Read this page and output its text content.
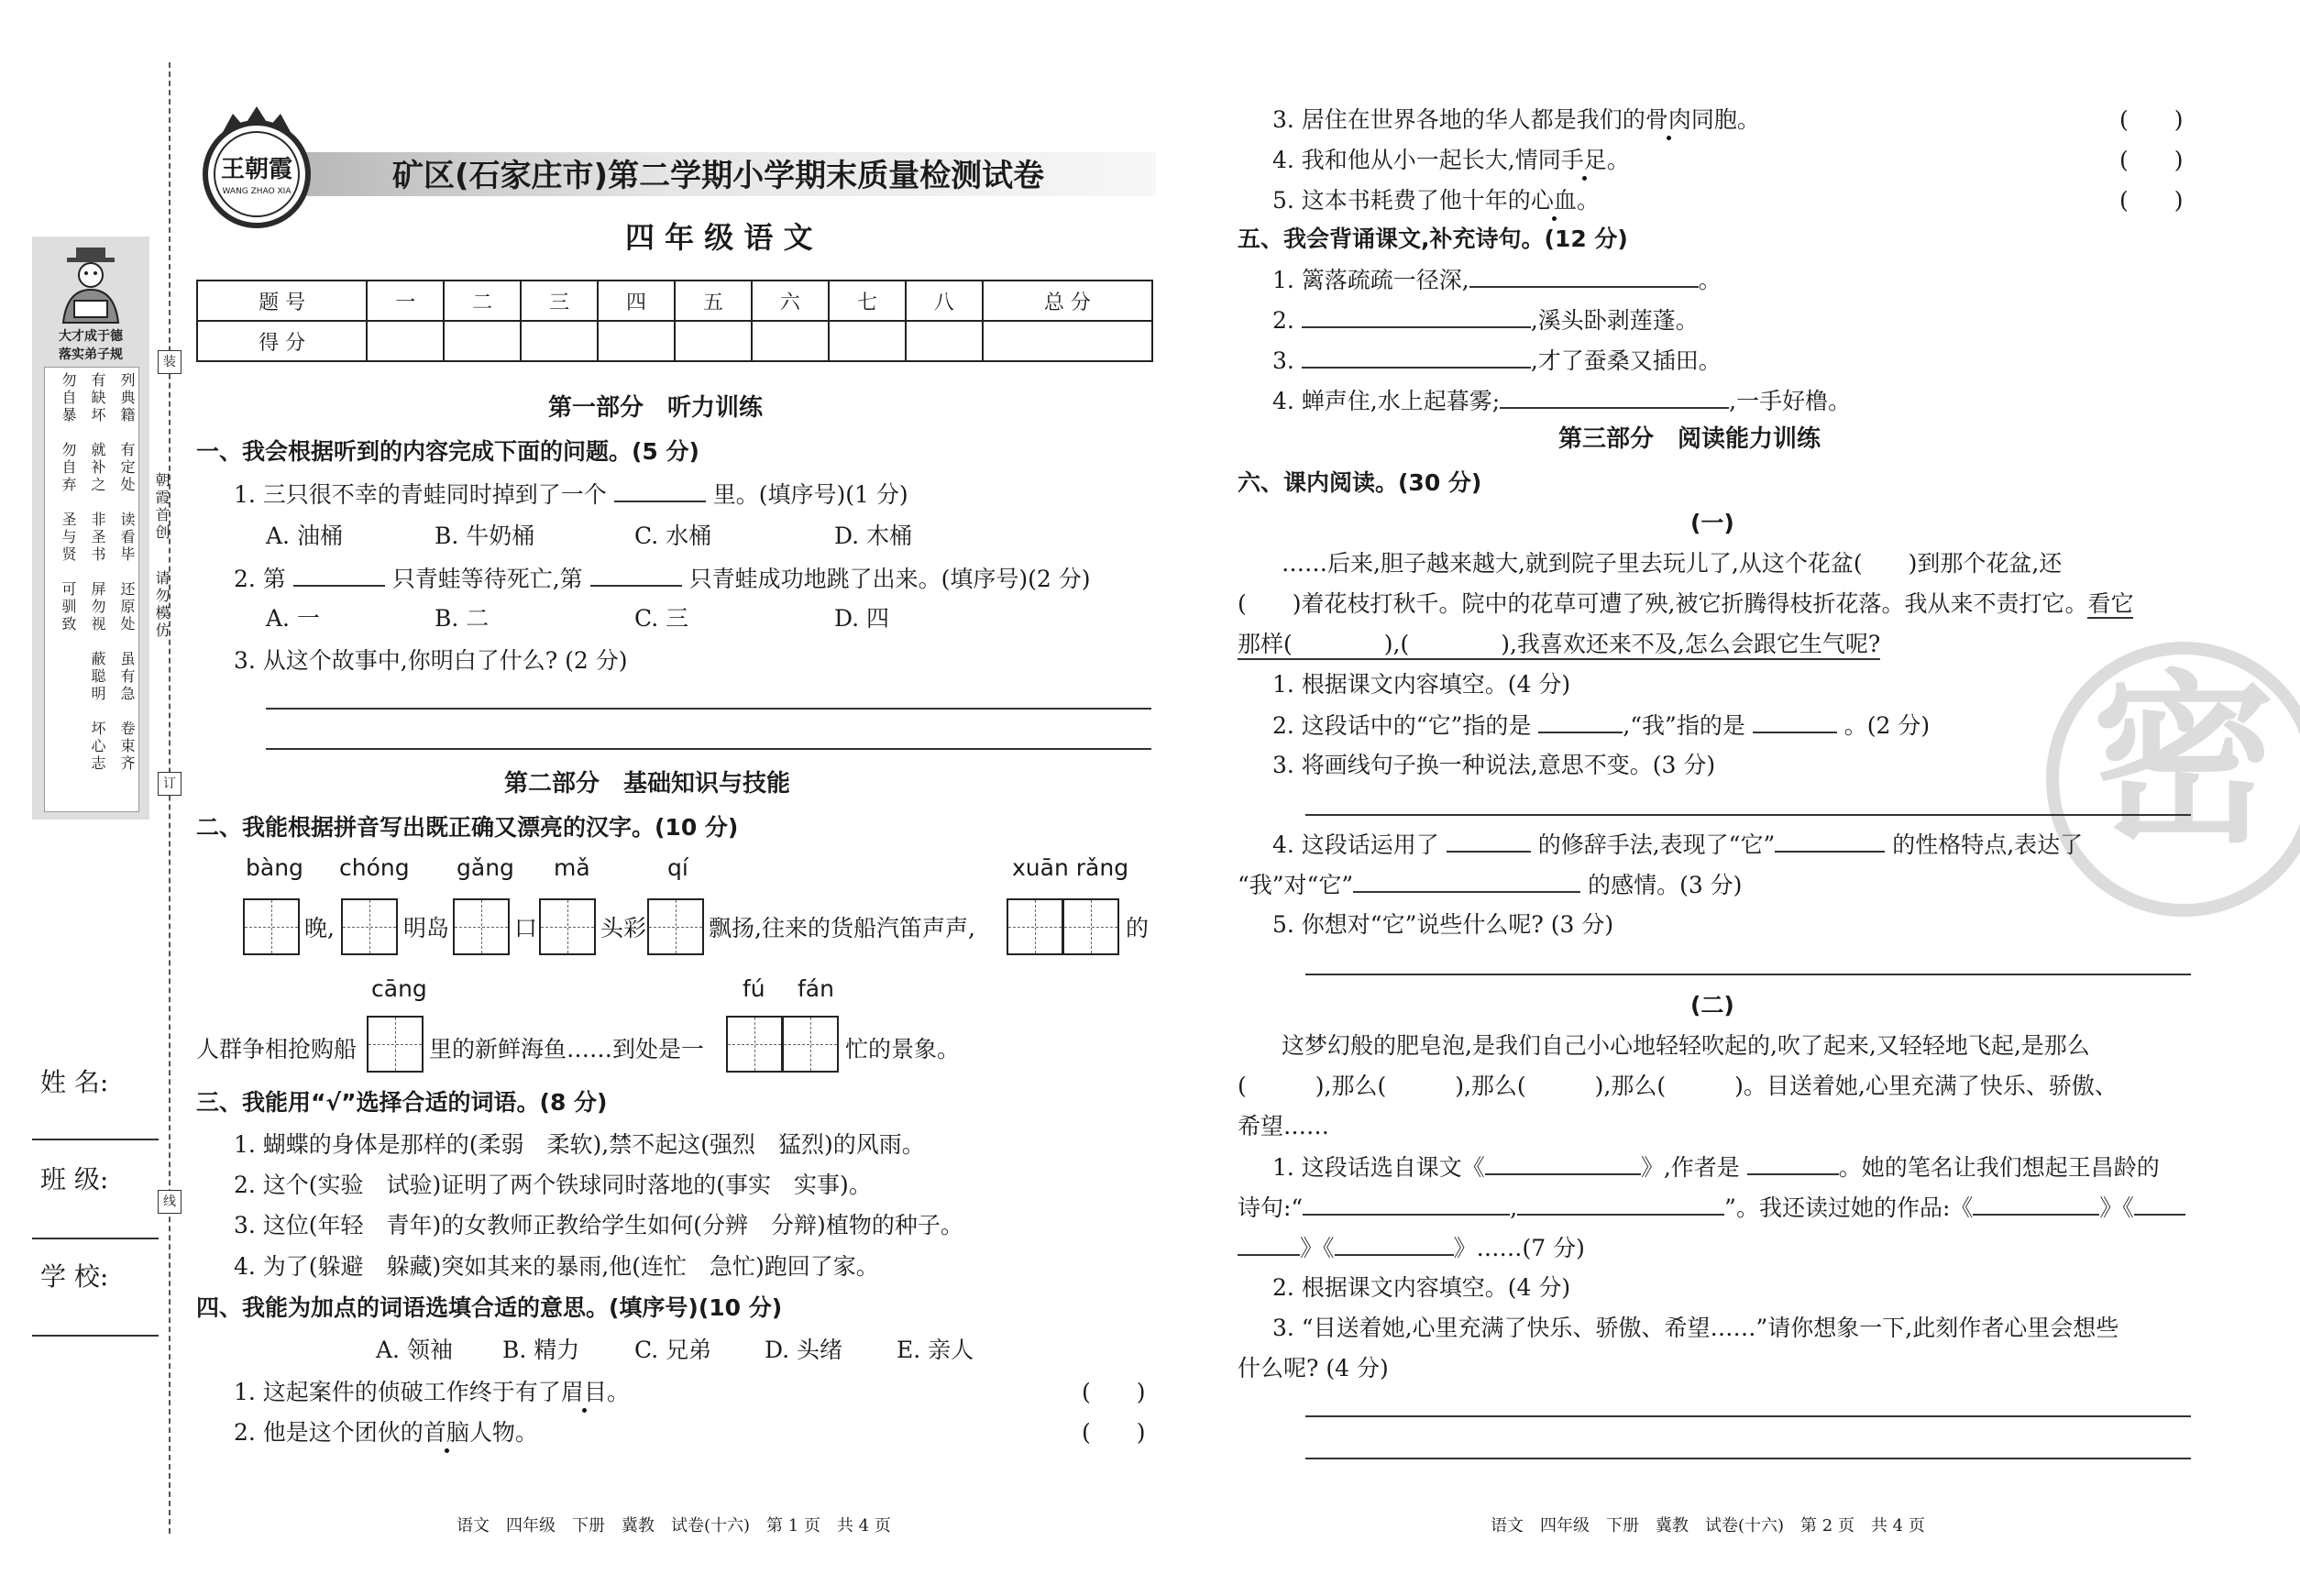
装
订
线
朝霞首创
请勿模仿
大才成于德
落实弟子规
列典籍
有定处
读看毕
还原处
虽有急
卷束齐
有缺坏
就补之
非圣书
屏勿视
蔽聪明
坏心志
勿自暴
勿自弃
圣与贤
可驯致
姓 名:
班 级:
学 校:
王朝霞
WANG ZHAO XIA	矿区(石家庄市)第二学期小学期末质量检测试卷
四 年 级 语 文
题 号	一	二	三	四	五	六	七	八	总 分
得 分									
第一部分　听力训练
一、我会根据听到的内容完成下面的问题。(5 分)
1. 三只很不幸的青蛙同时掉到了一个	里。(填序号)(1 分)
A. 油桶	B. 牛奶桶	C. 水桶	D. 木桶
2. 第	只青蛙等待死亡,第	只青蛙成功地跳了出来。(填序号)(2 分)
A. 一	B. 二	C. 三	D. 四
3. 从这个故事中,你明白了什么? (2 分)
第二部分　基础知识与技能
二、我能根据拼音写出既正确又漂亮的汉字。(10 分)
bàng chóng gǎng mǎ	qí	xuān rǎng
晚,	明岛	口	头彩	飘扬,往来的货船汽笛声声,	的
cāng	fú fán
人群争相抢购船	里的新鲜海鱼……到处是一	忙的景象。
三、我能用“√”选择合适的词语。(8 分)
1. 蝴蝶的身体是那样的(柔弱　柔软),禁不起这(强烈　猛烈)的风雨。
2. 这个(实验　试验)证明了两个铁球同时落地的(事实　实事)。
3. 这位(年轻　青年)的女教师正教给学生如何(分辨　分辩)植物的种子。
4. 为了(躲避　躲藏)突如其来的暴雨,他(连忙　急忙)跑回了家。
四、我能为加点的词语选填合适的意思。(填序号)(10 分)
A. 领袖 B. 精力 C. 兄弟 D. 头绪 E. 亲人
1. 这起案件的侦破工作终于有了眉目。	(　　)
2. 他是这个团伙的首脑人物。	(　　)
语文　四年级　下册　冀教　试卷(十六)　第 1 页　共 4 页
密
3. 居住在世界各地的华人都是我们的骨肉同胞。	(　　)
4. 我和他从小一起长大,情同手足。	(　　)
5. 这本书耗费了他十年的心血。	(　　)
五、我会背诵课文,补充诗句。(12 分)
1. 篱落疏疏一径深,	。
2.	,溪头卧剥莲蓬。
3.	,才了蚕桑又插田。
4. 蝉声住,水上起暮雾;	,一手好橹。
第三部分　阅读能力训练
六、课内阅读。(30 分)
(一)
……后来,胆子越来越大,就到院子里去玩儿了,从这个花盆(　　)到那个花盆,还
(　　)着花枝打秋千。院中的花草可遭了殃,被它折腾得枝折花落。我从来不责打它。看它
那样(　　　　),(　　　　),我喜欢还来不及,怎么会跟它生气呢?
1. 根据课文内容填空。(4 分)
2. 这段话中的“它”指的是	,“我”指的是	。(2 分)
3. 将画线句子换一种说法,意思不变。(3 分)
4. 这段话运用了	的修辞手法,表现了“它”	的性格特点,表达了
“我”对“它”	的感情。(3 分)
5. 你想对“它”说些什么呢? (3 分)
(二)
这梦幻般的肥皂泡,是我们自己小心地轻轻吹起的,吹了起来,又轻轻地飞起,是那么
(　　　),那么(　　　),那么(　　　),那么(　　　)。目送着她,心里充满了快乐、骄傲、
希望……
1. 这段话选自课文《	》,作者是	。她的笔名让我们想起王昌龄的
诗句:“	,	”。我还读过她的作品:《	》《
》《	》……(7 分)
2. 根据课文内容填空。(4 分)
3. “目送着她,心里充满了快乐、骄傲、希望……”请你想象一下,此刻作者心里会想些
什么呢? (4 分)
语文　四年级　下册　冀教　试卷(十六)　第 2 页　共 4 页
